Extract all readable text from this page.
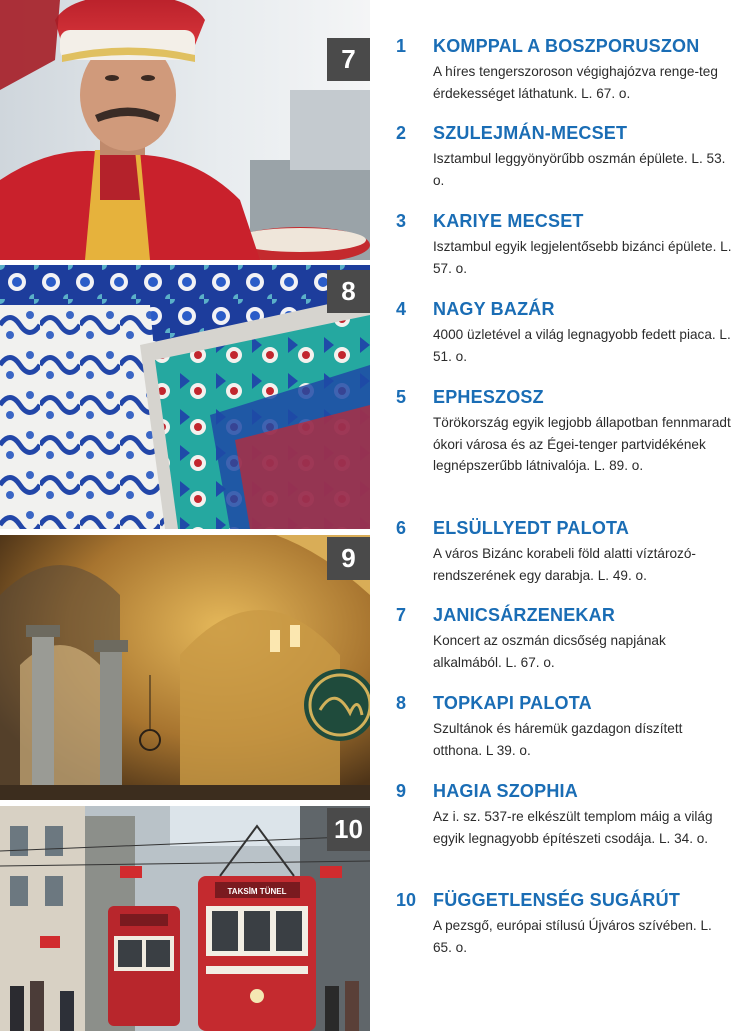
7
8
9
TAKSİM TÜNEL
10
1	KOMPPAL A BOSZPORUSZON
A híres tengerszoroson végighajózva renge-teg érdekességet láthatunk. L. 67. o.
2	SZULEJMÁN-MECSET
Isztambul leggyönyörűbb oszmán épülete. L. 53. o.
3	KARIYE MECSET
Isztambul egyik legjelentősebb bizánci épülete. L. 57. o.
4	NAGY BAZÁR
4000 üzletével a világ legnagyobb fedett piaca. L. 51. o.
5	EPHESZOSZ
Törökország egyik legjobb állapotban fennmaradt ókori városa és az Égei-tenger partvidékének legnépszerűbb látnivalója. L. 89. o.
6	ELSÜLLYEDT PALOTA
A város Bizánc korabeli föld alatti víztározó-rendszerének egy darabja. L. 49. o.
7	JANICSÁRZENEKAR
Koncert az oszmán dicsőség napjának alkalmából. L. 67. o.
8	TOPKAPI PALOTA
Szultánok és háremük gazdagon díszített otthona. L 39. o.
9	HAGIA SZOPHIA
Az i. sz. 537-re elkészült templom máig a világ egyik legnagyobb építészeti csodája. L. 34. o.
10 FÜGGETLENSÉG SUGÁRÚT
A pezsgő, európai stílusú Újváros szívében. L. 65. o.
